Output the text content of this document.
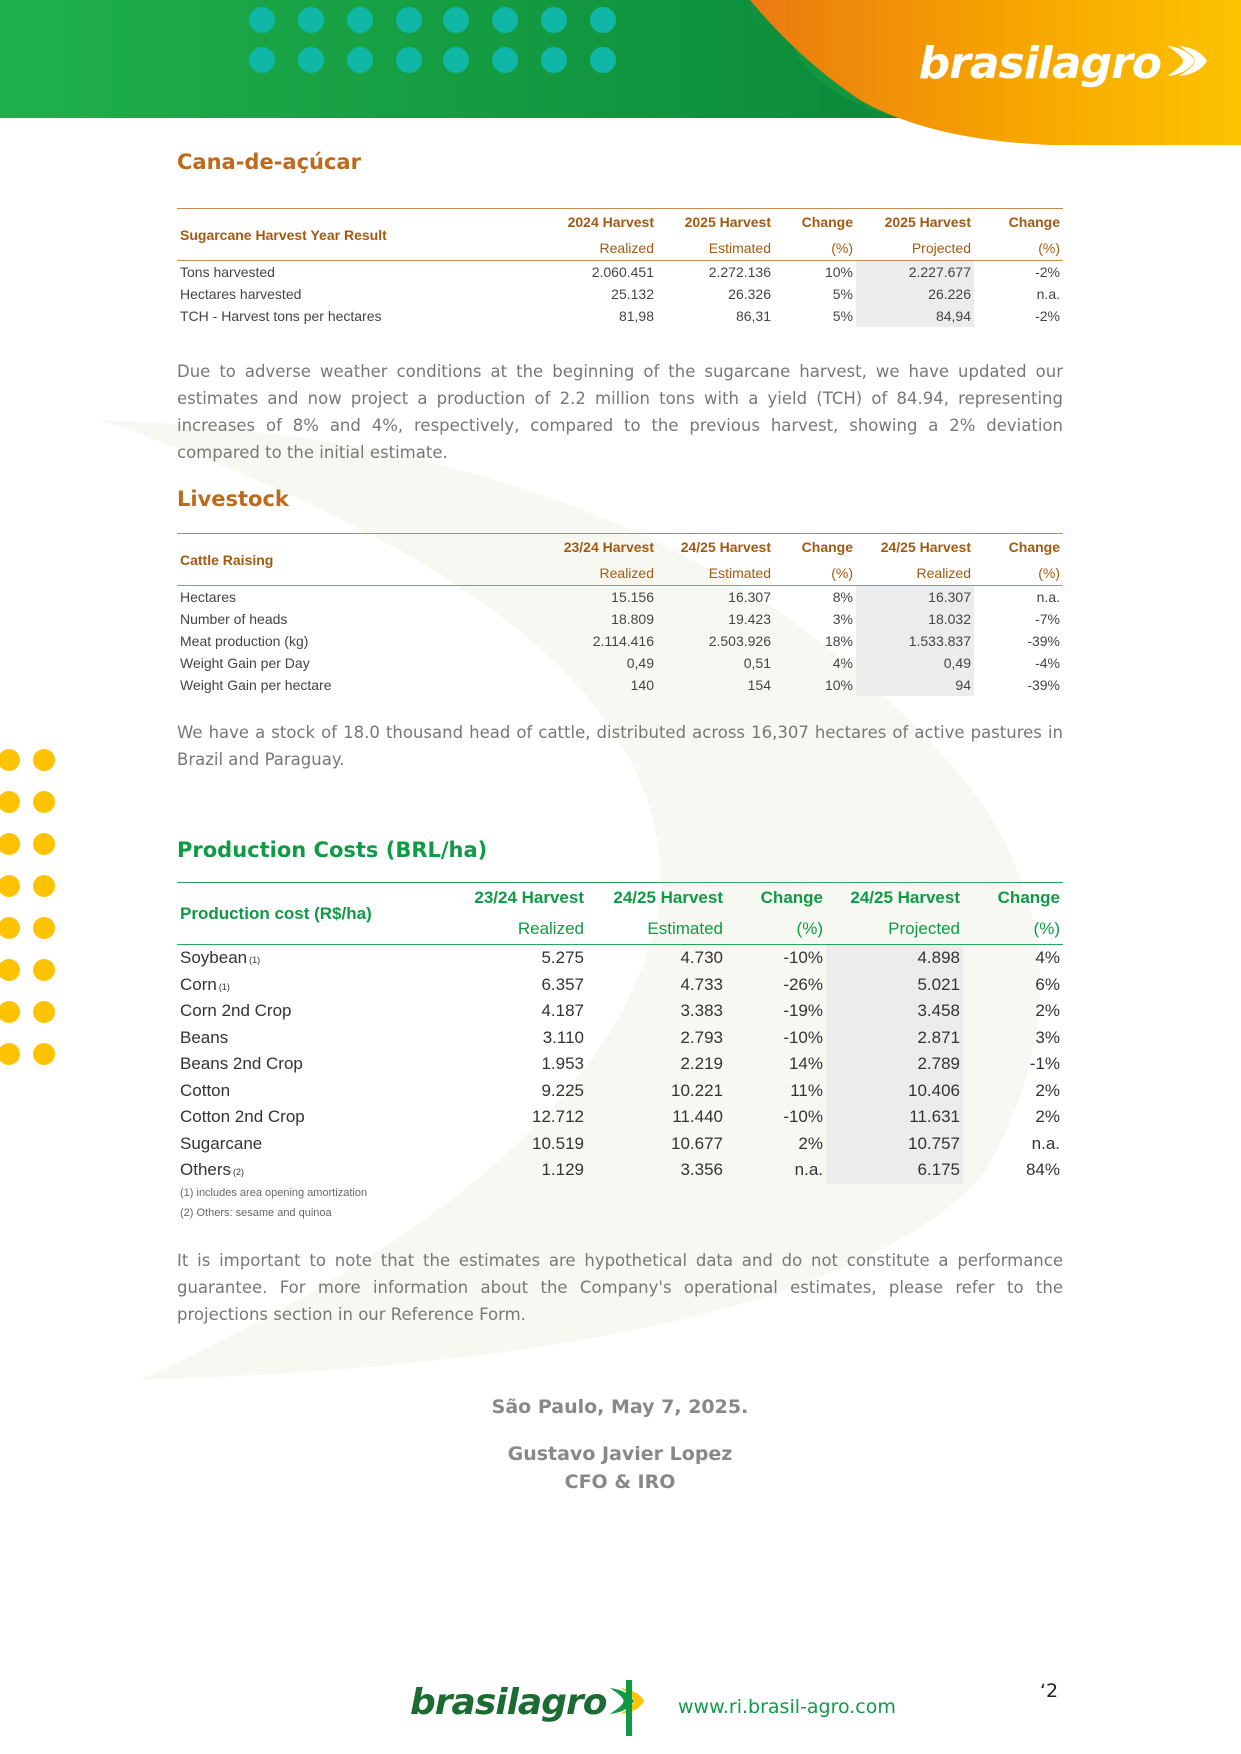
brasilagro
Cana-de-açúcar
Sugarcane Harvest Year Result	2024 Harvest	2025 Harvest	Change	2025 Harvest	Change
	Realized	Estimated	(%)	Projected	(%)
Tons harvested	2.060.451	2.272.136	10%	2.227.677	-2%
Hectares harvested	25.132	26.326	5%	26.226	n.a.
TCH - Harvest tons per hectares	81,98	86,31	5%	84,94	-2%

Due to adverse weather conditions at the beginning of the sugarcane harvest, we have updated our estimates and now project a production of 2.2 million tons with a yield (TCH) of 84.94, representing increases of 8% and 4%, respectively, compared to the previous harvest, showing a 2% deviation compared to the initial estimate.

Livestock
Cattle Raising	23/24 Harvest	24/25 Harvest	Change	24/25 Harvest	Change
	Realized	Estimated	(%)	Realized	(%)
Hectares	15.156	16.307	8%	16.307	n.a.
Number of heads	18.809	19.423	3%	18.032	-7%
Meat production (kg)	2.114.416	2.503.926	18%	1.533.837	-39%
Weight Gain per Day	0,49	0,51	4%	0,49	-4%
Weight Gain per hectare	140	154	10%	94	-39%

We have a stock of 18.0 thousand head of cattle, distributed across 16,307 hectares of active pastures in Brazil and Paraguay.

Production Costs (BRL/ha)
Production cost (R$/ha)	23/24 Harvest	24/25 Harvest	Change	24/25 Harvest	Change
	Realized	Estimated	(%)	Projected	(%)
Soybean (1)	5.275	4.730	-10%	4.898	4%
Corn (1)	6.357	4.733	-26%	5.021	6%
Corn 2nd Crop	4.187	3.383	-19%	3.458	2%
Beans	3.110	2.793	-10%	2.871	3%
Beans 2nd Crop	1.953	2.219	14%	2.789	-1%
Cotton	9.225	10.221	11%	10.406	2%
Cotton 2nd Crop	12.712	11.440	-10%	11.631	2%
Sugarcane	10.519	10.677	2%	10.757	n.a.
Others (2)	1.129	3.356	n.a.	6.175	84%
(1) includes area opening amortization
(2) Others: sesame and quinoa

It is important to note that the estimates are hypothetical data and do not constitute a performance guarantee. For more information about the Company's operational estimates, please refer to the projections section in our Reference Form.

São Paulo, May 7, 2025.
Gustavo Javier Lopez
CFO & IRO
brasilagro	www.ri.brasil-agro.com
‘2
